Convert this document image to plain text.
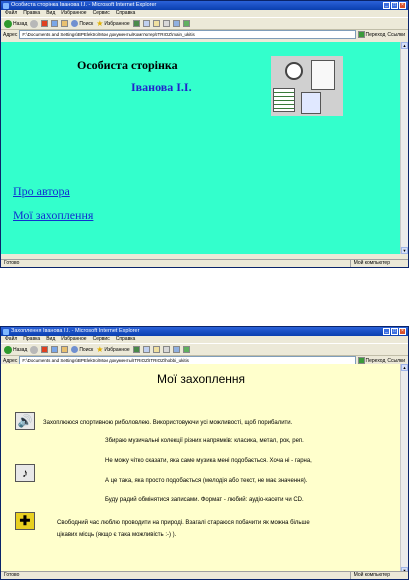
Особиста сторінка Іванова І.І. - Microsoft Internet Explorer	_	□	×
Файл Правка Вид Избранное Сервис Справка
Назад	Поиск ★ Избранное
Адрес	F:\Documents and Settings\BPElektro\Мои документы\Комп'ютер\ITRIOZ\main_ukitis	Переход Ссылки
Особиста сторінка
Іванова І.І.
Про автора
Мої захоплення
▲
▼
Готово	Мой компьютер
Захоплення Іванова І.І. - Microsoft Internet Explorer	_	□	×
Файл Правка Вид Избранное Сервис Справка
Назад	Поиск ★ Избранное
Адрес	F:\Documents and Settings\BPElektro\Мои документы\ITRIOZ\ITRIOZ\hobbi_ukitis	Переход Ссылки
Мої захоплення
🔊	Захоплююся спортивною риболовлею. Використовуючи усі можливості, щоб порибалити.
Збираю музичальні колекції різних напрямків: класика, метал, рок, реп.
Не можу чітко сказати, яка саме музика мені подобається. Хоча ні - гарна,
♪
А це така, яка просто подобається (мелодія або текст, не має значення).
Буду радий обмінятися записами. Формат - любий: аудіо-касети чи CD.
✚	Свободний час люблю проводити на природі. Взагалі стараюся побачити як можна більше
цікавих місць (якщо є така можливість :-) ).
▲
Готово	Мой компьютер
